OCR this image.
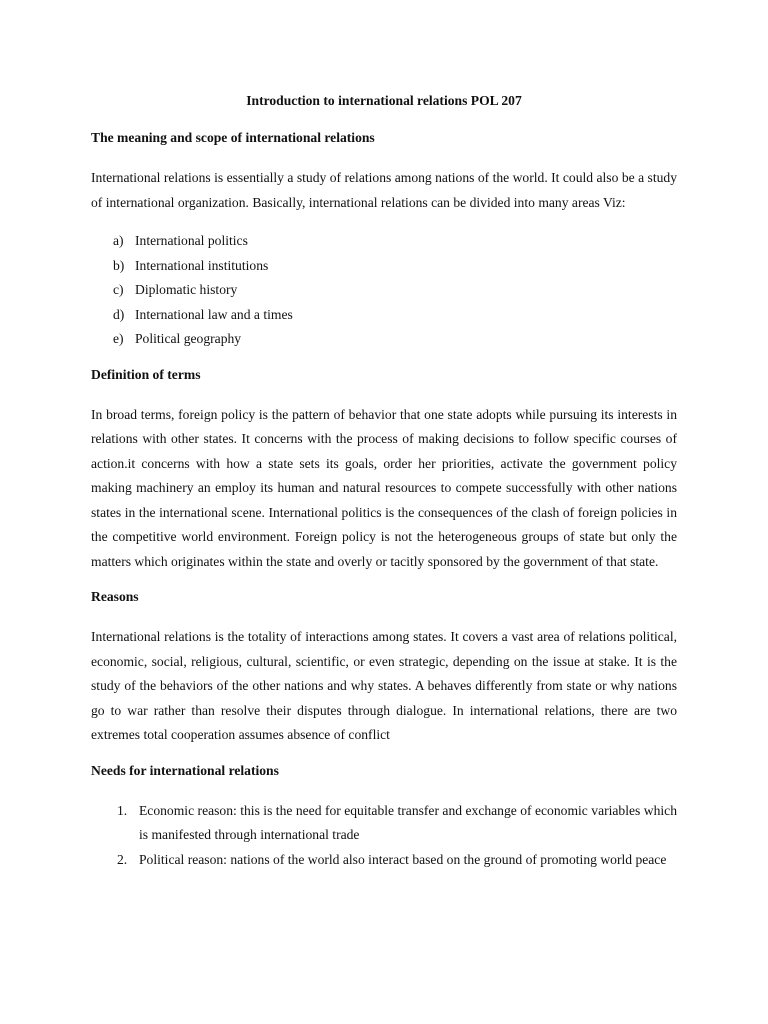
Introduction to international relations POL 207
The meaning and scope of international relations

International relations is essentially a study of relations among nations of the world. It could also be a study of international organization. Basically, international relations can be divided into many areas Viz:

a) International politics
b) International institutions
c) Diplomatic history
d) International law and a times
e) Political geography
Definition of terms

In broad terms, foreign policy is the pattern of behavior that one state adopts while pursuing its interests in relations with other states. It concerns with the process of making decisions to follow specific courses of action.it concerns with how a state sets its goals, order her priorities, activate the government policy making machinery an employ its human and natural resources to compete successfully with other nations states in the international scene. International politics is the consequences of the clash of foreign policies in the competitive world environment. Foreign policy is not the heterogeneous groups of state but only the matters which originates within the state and overly or tacitly sponsored by the government of that state.

Reasons

International relations is the totality of interactions among states. It covers a vast area of relations political, economic, social, religious, cultural, scientific, or even strategic, depending on the issue at stake. It is the study of the behaviors of the other nations and why states. A behaves differently from state or why nations go to war rather than resolve their disputes through dialogue. In international relations, there are two extremes total cooperation assumes absence of conflict

Needs for international relations
1. Economic reason: this is the need for equitable transfer and exchange of economic variables which is manifested through international trade
2. Political reason: nations of the world also interact based on the ground of promoting world peace
